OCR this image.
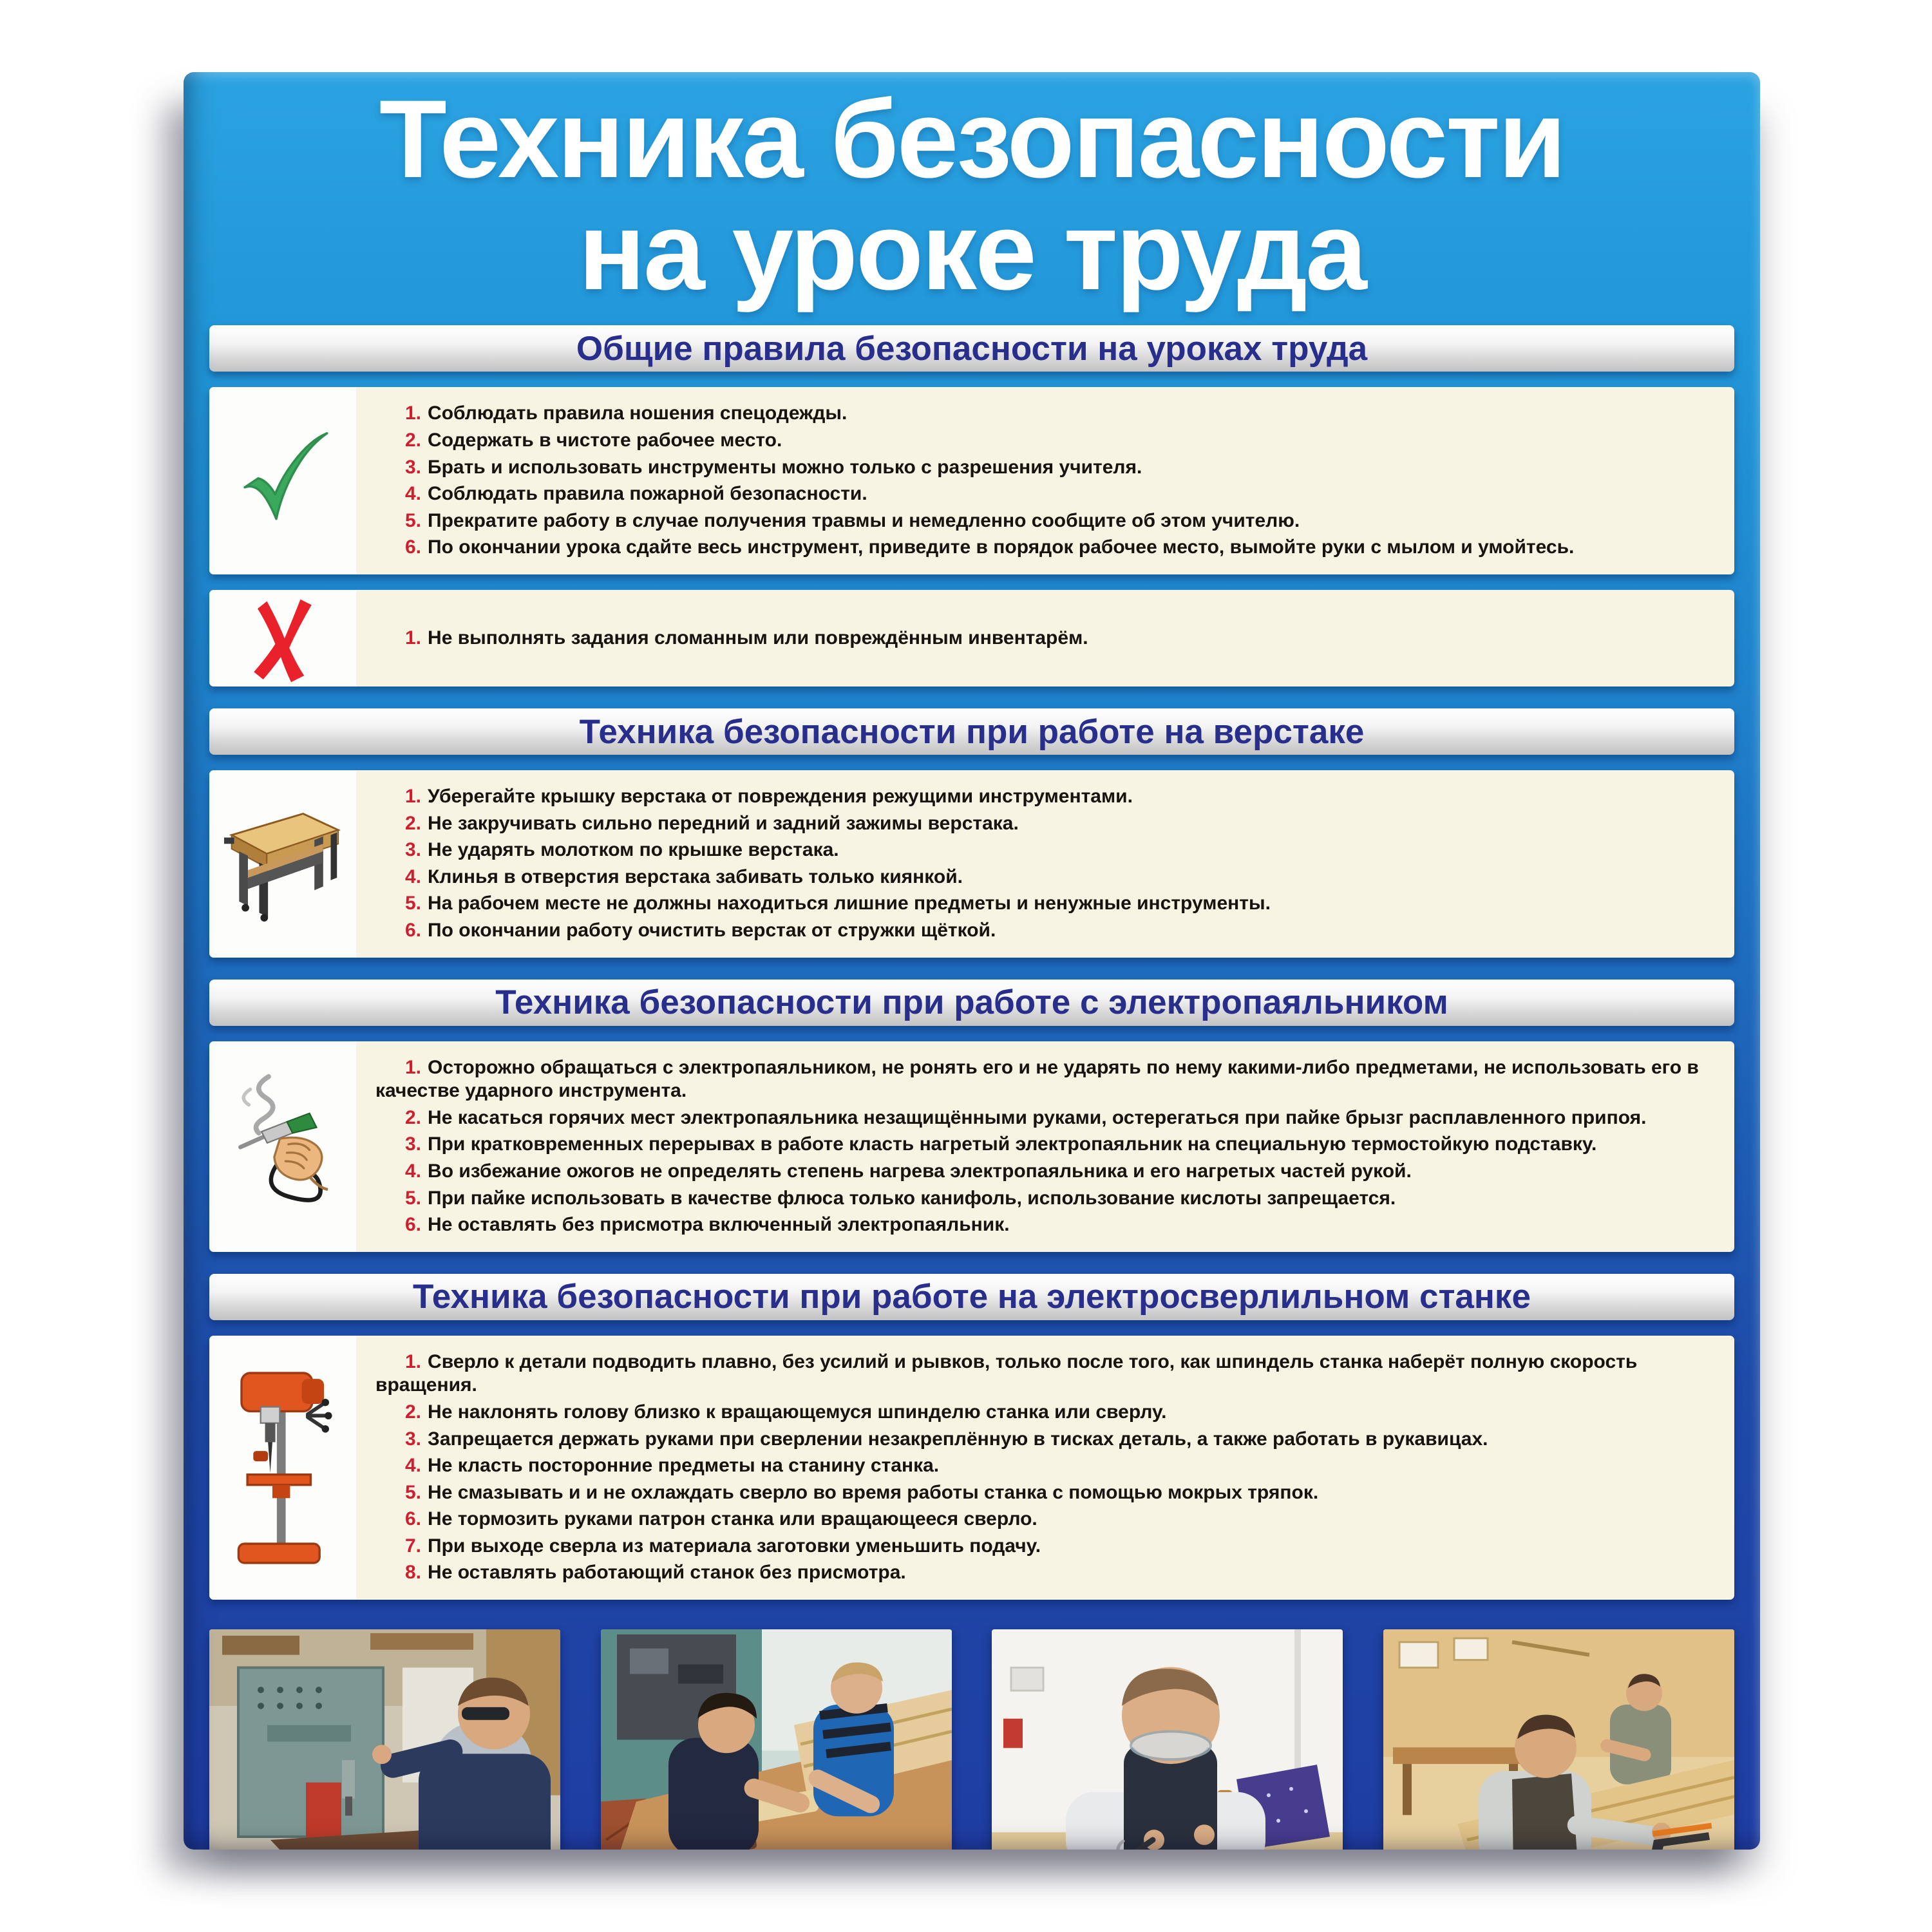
Техника безопасности
на уроке труда
Общие правила безопасности на уроках труда
1. Соблюдать правила ношения спецодежды.
2. Содержать в чистоте рабочее место.
3. Брать и использовать инструменты можно только с разрешения учителя.
4. Соблюдать правила пожарной безопасности.
5. Прекратите работу в случае получения травмы и немедленно сообщите об этом учителю.
6. По окончании урока сдайте весь инструмент, приведите в порядок рабочее место, вымойте руки с мылом и умойтесь.
1. Не выполнять задания сломанным или повреждённым инвентарём.
Техника безопасности при работе на верстаке
1. Уберегайте крышку верстака от повреждения режущими инструментами.
2. Не закручивать сильно передний и задний зажимы верстака.
3. Не ударять молотком по крышке верстака.
4. Клинья в отверстия верстака забивать только киянкой.
5. На рабочем месте не должны находиться лишние предметы и ненужные инструменты.
6. По окончании работу очистить верстак от стружки щёткой.
Техника безопасности при работе с электропаяльником
1. Осторожно обращаться с электропаяльником, не ронять его и не ударять по нему какими-либо предметами, не использовать его в качестве ударного инструмента.
2. Не касаться горячих мест электропаяльника незащищёнными руками, остерегаться при пайке брызг расплавленного припоя.
3. При кратковременных перерывах в работе класть нагретый электропаяльник на специальную термостойкую подставку.
4. Во избежание ожогов не определять степень нагрева электропаяльника и его нагретых частей рукой.
5. При пайке использовать в качестве флюса только канифоль, использование кислоты запрещается.
6. Не оставлять без присмотра включенный электропаяльник.
Техника безопасности при работе на электросверлильном станке
1. Сверло к детали подводить плавно, без усилий и рывков, только после того, как шпиндель станка наберёт полную скорость вращения.
2. Не наклонять голову близко к вращающемуся шпинделю станка или сверлу.
3. Запрещается держать руками при сверлении незакреплённую в тисках деталь, а также работать в рукавицах.
4. Не класть посторонние предметы на станину станка.
5. Не смазывать и и не охлаждать сверло во время работы станка с помощью мокрых тряпок.
6. Не тормозить руками патрон станка или вращающееся сверло.
7. При выходе сверла из материала заготовки уменьшить подачу.
8. Не оставлять работающий станок без присмотра.
